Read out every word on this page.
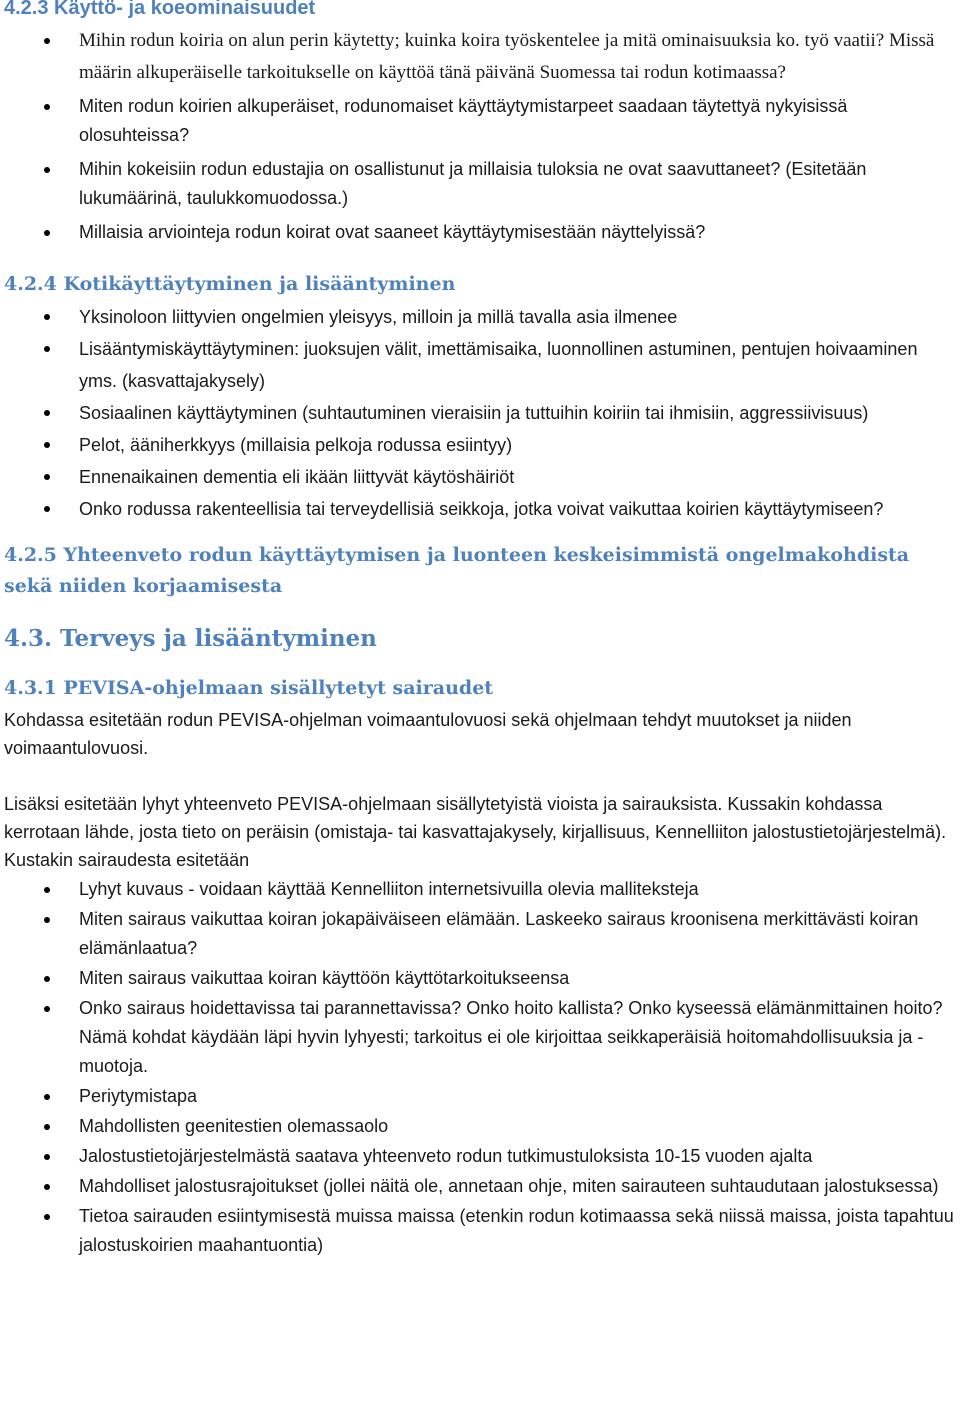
4.2.3 Käyttö- ja koeominaisuudet
Mihin rodun koiria on alun perin käytetty; kuinka koira työskentelee ja mitä ominaisuuksia ko. työ vaatii? Missä määrin alkuperäiselle tarkoitukselle on käyttöä tänä päivänä Suomessa tai rodun kotimaassa?
Miten rodun koirien alkuperäiset, rodunomaiset käyttäytymistarpeet saadaan täytettyä nykyisissä olosuhteissa?
Mihin kokeisiin rodun edustajia on osallistunut ja millaisia tuloksia ne ovat saavuttaneet? (Esitetään lukumäärinä, taulukkomuodossa.)
Millaisia arviointeja rodun koirat ovat saaneet käyttäytymisestään näyttelyissä?
4.2.4 Kotikäyttäytyminen ja lisääntyminen
Yksinoloon liittyvien ongelmien yleisyys, milloin ja millä tavalla asia ilmenee
Lisääntymiskäyttäytyminen: juoksujen välit, imettämisaika, luonnollinen astuminen, pentujen hoivaaminen yms. (kasvattajakysely)
Sosiaalinen käyttäytyminen (suhtautuminen vieraisiin ja tuttuihin koiriin tai ihmisiin, aggressiivisuus)
Pelot, ääniherkkyys (millaisia pelkoja rodussa esiintyy)
Ennenaikainen dementia eli ikään liittyvät käytöshäiriöt
Onko rodussa rakenteellisia tai terveydellisiä seikkoja, jotka voivat vaikuttaa koirien käyttäytymiseen?
4.2.5 Yhteenveto rodun käyttäytymisen ja luonteen keskeisimmistä ongelmakohdista sekä niiden korjaamisesta
4.3. Terveys ja lisääntyminen
4.3.1 PEVISA-ohjelmaan sisällytetyt sairaudet

Kohdassa esitetään rodun PEVISA-ohjelman voimaantulovuosi sekä ohjelmaan tehdyt muutokset ja niiden voimaantulovuosi.

Lisäksi esitetään lyhyt yhteenveto PEVISA-ohjelmaan sisällytetyistä vioista ja sairauksista. Kussakin kohdassa kerrotaan lähde, josta tieto on peräisin (omistaja- tai kasvattajakysely, kirjallisuus, Kennelliiton jalostustietojärjestelmä). Kustakin sairaudesta esitetään

Lyhyt kuvaus - voidaan käyttää Kennelliiton internetsivuilla olevia malliteksteja
Miten sairaus vaikuttaa koiran jokapäiväiseen elämään. Laskeeko sairaus kroonisena merkittävästi koiran elämänlaatua?
Miten sairaus vaikuttaa koiran käyttöön käyttötarkoitukseensa
Onko sairaus hoidettavissa tai parannettavissa? Onko hoito kallista? Onko kyseessä elämänmittainen hoito? Nämä kohdat käydään läpi hyvin lyhyesti; tarkoitus ei ole kirjoittaa seikkaperäisiä hoitomahdollisuuksia ja -muotoja.
Periytymistapa
Mahdollisten geenitestien olemassaolo
Jalostustietojärjestelmästä saatava yhteenveto rodun tutkimustuloksista 10-15 vuoden ajalta
Mahdolliset jalostusrajoitukset (jollei näitä ole, annetaan ohje, miten sairauteen suhtaudutaan jalostuksessa)
Tietoa sairauden esiintymisestä muissa maissa (etenkin rodun kotimaassa sekä niissä maissa, joista tapahtuu jalostuskoirien maahantuontia)
